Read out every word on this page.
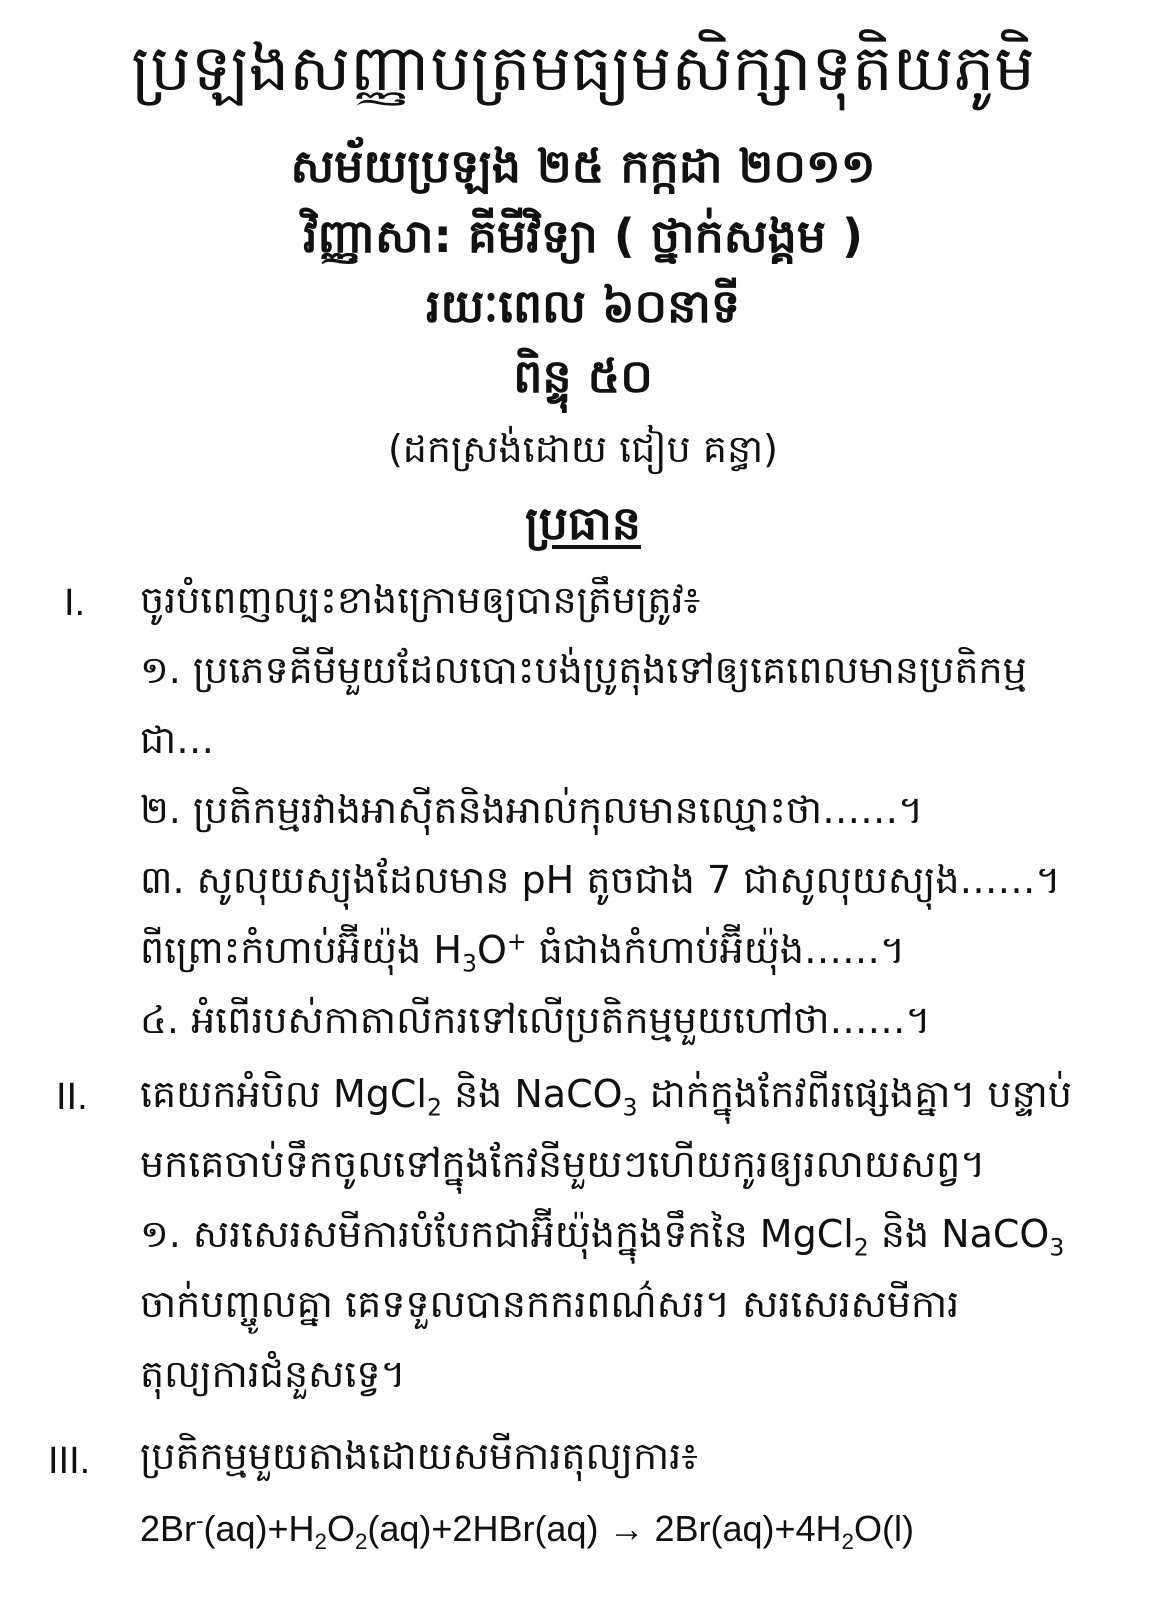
ប្រឡងសញ្ញាបត្រមធ្យមសិក្សាទុតិយភូមិ
សម័យប្រឡង ២៥ កក្កដា ២០១១
វិញ្ញាសា: គីមីវិទ្យា ( ថ្នាក់សង្គម )
រយៈពេល ៦០នាទី
ពិន្ទុ ៥០
(ដកស្រង់ដោយ ជៀប គន្ធា)
ប្រធាន
I. ចូរបំពេញល្បះខាងក្រោមឲ្យបានត្រឹមត្រូវ៖
១. ប្រភេទគីមីមួយដែលបោះបង់ប្រូតុងទៅឲ្យគេពេលមានប្រតិកម្ម
ជា…
២. ប្រតិកម្មរវាងអាស៊ីតនិងអាល់កុលមានឈ្មោះថា……។
៣. សូលុយស្យុងដែលមាន pH តូចជាង 7 ជាសូលុយស្យុង……។
ពីព្រោះកំហាប់អ៊ីយ៉ុង $H_3O^+$ ធំជាងកំហាប់អ៊ីយ៉ុង……។
៤. អំពើរបស់កាតាលីករទៅលើប្រតិកម្មមួយហៅថា……។
II. គេយកអំបិល MgCl$_2$ និង NaCO$_3$ ដាក់ក្នុងកែវពីរផ្សេងគ្នា។ បន្ទាប់
មកគេចាប់ទឹកចូលទៅក្នុងកែវនីមួយៗហើយកូរឲ្យរលាយសព្វ។
១. សរសេរសមីការបំបែកជាអ៊ីយ៉ុងក្នុងទឹកនៃ MgCl$_2$ និង NaCO$_3$
ចាក់បញ្ចូលគ្នា គេទទួលបានកករពណ៌សរ។ សរសេរសមីការ
តុល្យការជំនួសទ្វេ។
III. ប្រតិកម្មមួយតាងដោយសមីការតុល្យការ៖
$2Br^-(aq)+H_2O_2(aq)+2HBr(aq) \to 2Br(aq)+4H_2O(l)$
